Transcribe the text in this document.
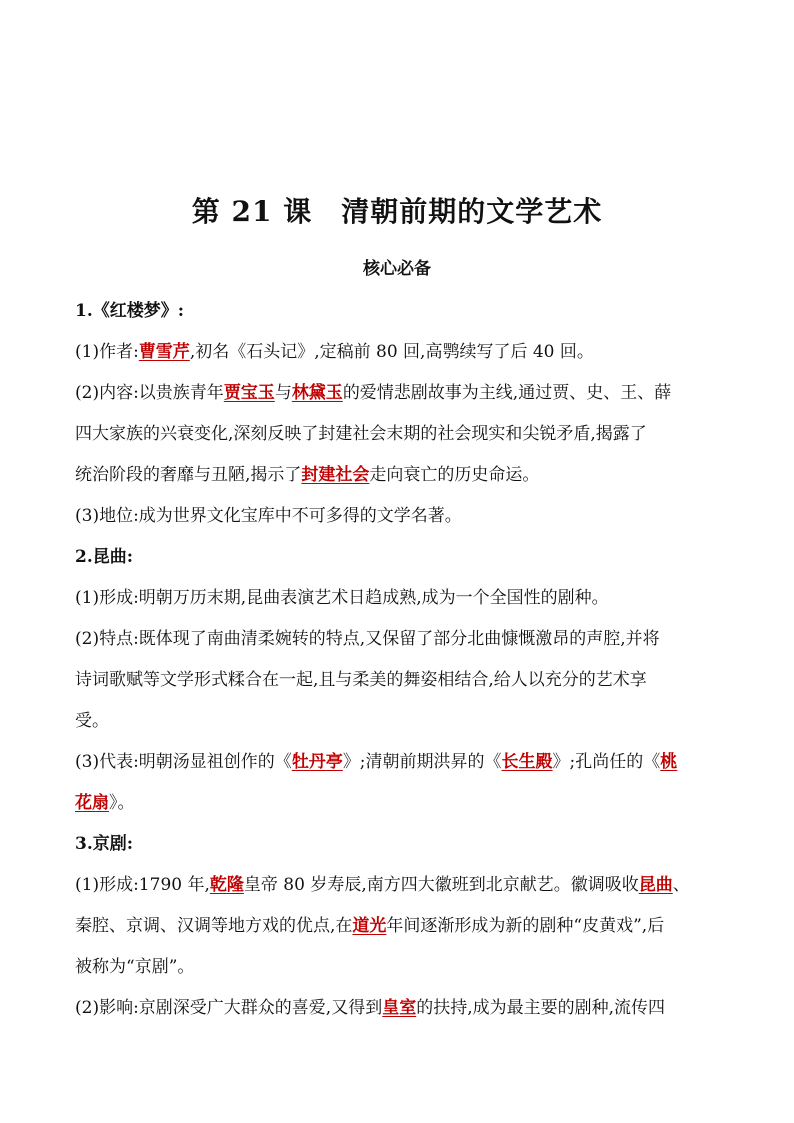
第 21 课　清朝前期的文学艺术
核心必备
1.《红楼梦》:
(1)作者:曹雪芹,初名《石头记》,定稿前 80 回,高鹗续写了后 40 回。
(2)内容:以贵族青年贾宝玉与林黛玉的爱情悲剧故事为主线,通过贾、史、王、薛
四大家族的兴衰变化,深刻反映了封建社会末期的社会现实和尖锐矛盾,揭露了
统治阶段的奢靡与丑陋,揭示了封建社会走向衰亡的历史命运。
(3)地位:成为世界文化宝库中不可多得的文学名著。
2.昆曲:
(1)形成:明朝万历末期,昆曲表演艺术日趋成熟,成为一个全国性的剧种。
(2)特点:既体现了南曲清柔婉转的特点,又保留了部分北曲慷慨激昂的声腔,并将
诗词歌赋等文学形式糅合在一起,且与柔美的舞姿相结合,给人以充分的艺术享
受。
(3)代表:明朝汤显祖创作的《牡丹亭》;清朝前期洪昇的《长生殿》;孔尚任的《桃
花扇》。
3.京剧:
(1)形成:1790 年,乾隆皇帝 80 岁寿辰,南方四大徽班到北京献艺。徽调吸收昆曲、
秦腔、京调、汉调等地方戏的优点,在道光年间逐渐形成为新的剧种“皮黄戏”,后
被称为“京剧”。
(2)影响:京剧深受广大群众的喜爱,又得到皇室的扶持,成为最主要的剧种,流传四
